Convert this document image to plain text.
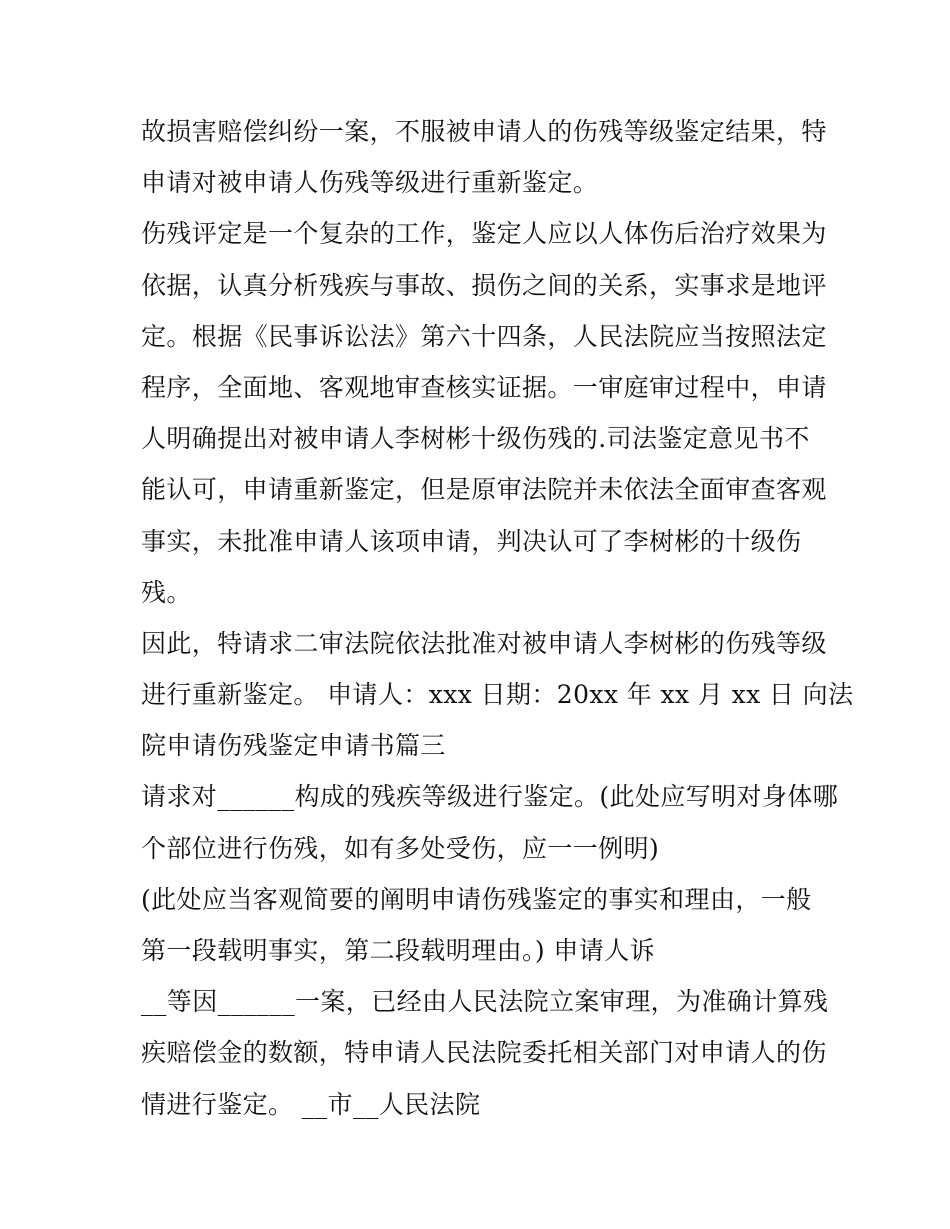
故损害赔偿纠纷一案，不服被申请人的伤残等级鉴定结果，特
申请对被申请人伤残等级进行重新鉴定。
伤残评定是一个复杂的工作，鉴定人应以人体伤后治疗效果为
依据，认真分析残疾与事故、损伤之间的关系，实事求是地评
定。根据《民事诉讼法》第六十四条，人民法院应当按照法定
程序，全面地、客观地审查核实证据。一审庭审过程中，申请
人明确提出对被申请人李树彬十级伤残的.司法鉴定意见书不
能认可，申请重新鉴定，但是原审法院并未依法全面审查客观
事实，未批准申请人该项申请，判决认可了李树彬的十级伤
残。
因此，特请求二审法院依法批准对被申请人李树彬的伤残等级
进行重新鉴定。 申请人：xxx 日期：20xx 年 xx 月 xx 日 向法
院申请伤残鉴定申请书篇三
请求对______构成的残疾等级进行鉴定。(此处应写明对身体哪
个部位进行伤残，如有多处受伤，应一一例明)
(此处应当客观简要的阐明申请伤残鉴定的事实和理由，一般
第一段载明事实，第二段载明理由。) 申请人诉
__等因______一案，已经由人民法院立案审理，为准确计算残
疾赔偿金的数额，特申请人民法院委托相关部门对申请人的伤
情进行鉴定。 __市__人民法院
